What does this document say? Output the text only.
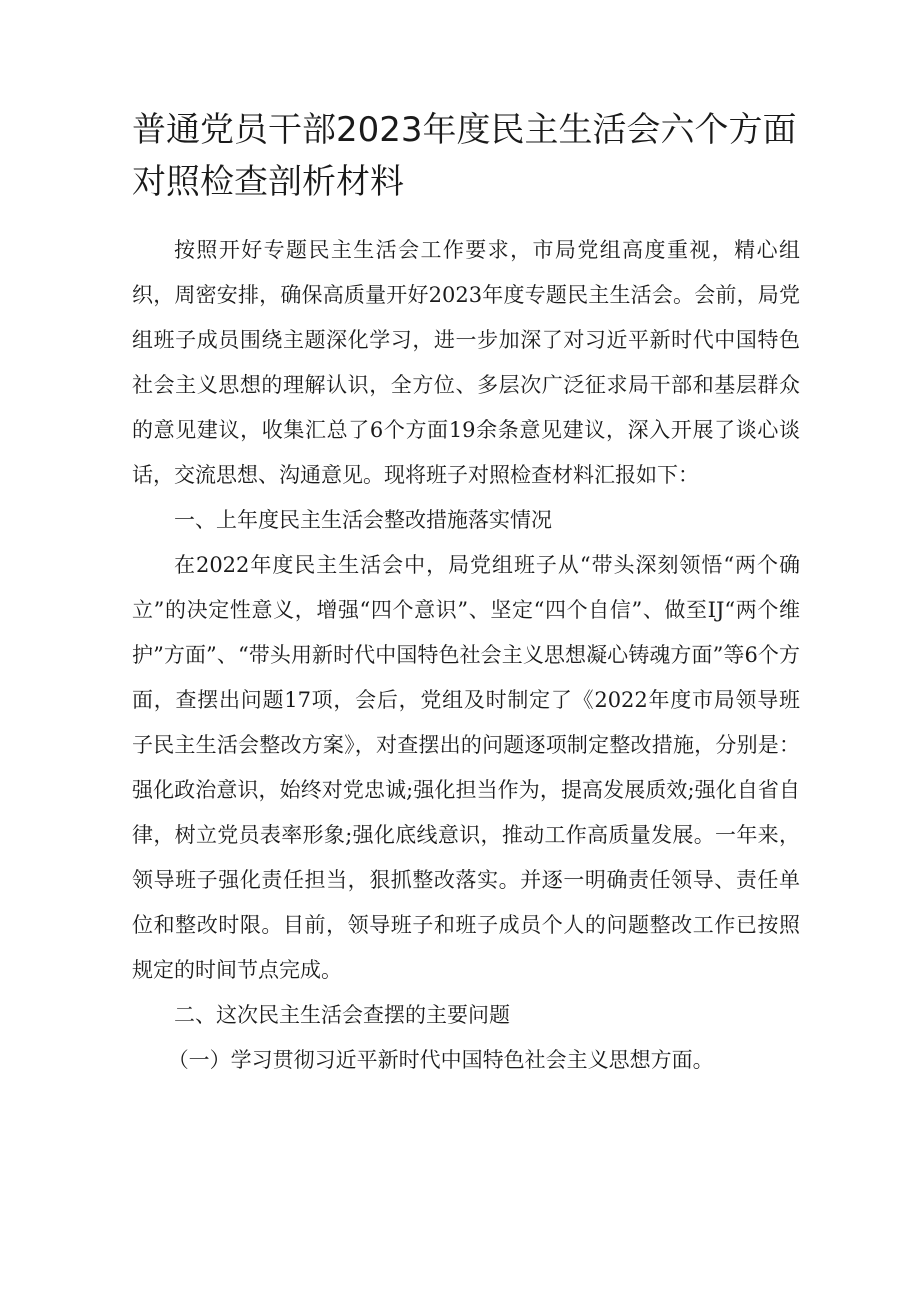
普通党员干部2023年度民主生活会六个方面
对照检查剖析材料

按照开好专题民主生活会工作要求，市局党组高度重视，精心组织，周密安排，确保高质量开好2023年度专题民主生活会。会前，局党组班子成员围绕主题深化学习，进一步加深了对习近平新时代中国特色社会主义思想的理解认识，全方位、多层次广泛征求局干部和基层群众的意见建议，收集汇总了6个方面19余条意见建议，深入开展了谈心谈话，交流思想、沟通意见。现将班子对照检查材料汇报如下：

一、上年度民主生活会整改措施落实情况

在2022年度民主生活会中，局党组班子从“带头深刻领悟“两个确立”的决定性意义，增强“四个意识”、坚定“四个自信”、做至IJ“两个维护”方面”、“带头用新时代中国特色社会主义思想凝心铸魂方面”等6个方面，查摆出问题17项，会后，党组及时制定了《2022年度市局领导班子民主生活会整改方案》，对查摆出的问题逐项制定整改措施，分别是：强化政治意识，始终对党忠诚;强化担当作为，提高发展质效;强化自省自律，树立党员表率形象;强化底线意识，推动工作高质量发展。一年来，领导班子强化责任担当，狠抓整改落实。并逐一明确责任领导、责任单位和整改时限。目前，领导班子和班子成员个人的问题整改工作已按照规定的时间节点完成。

二、这次民主生活会查摆的主要问题

（一）学习贯彻习近平新时代中国特色社会主义思想方面。
